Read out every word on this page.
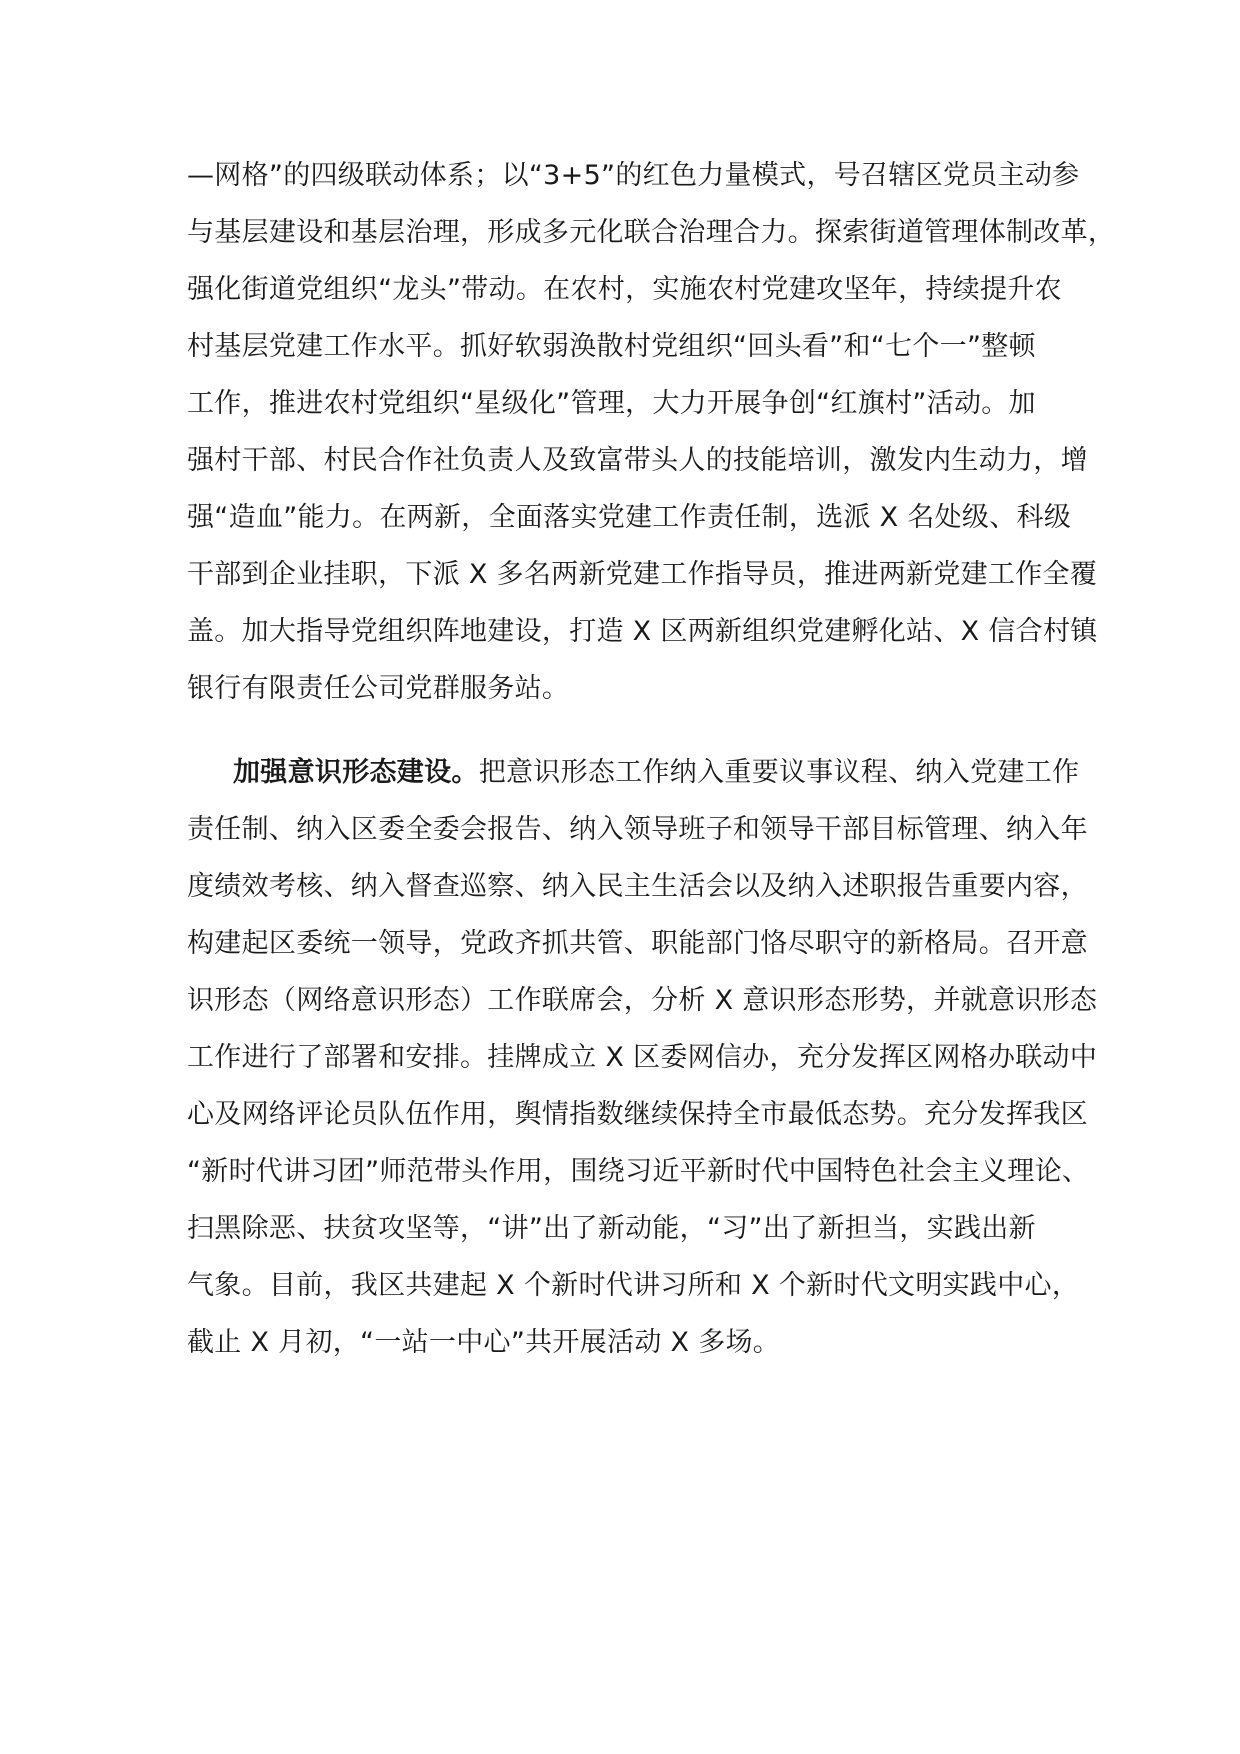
—网格”的四级联动体系；以“3+5”的红色力量模式，号召辖区党员主动参
与基层建设和基层治理，形成多元化联合治理合力。探索街道管理体制改革，
强化街道党组织“龙头”带动。在农村，实施农村党建攻坚年，持续提升农
村基层党建工作水平。抓好软弱涣散村党组织“回头看”和“七个一”整顿
工作，推进农村党组织“星级化”管理，大力开展争创“红旗村”活动。加
强村干部、村民合作社负责人及致富带头人的技能培训，激发内生动力，增
强“造血”能力。在两新，全面落实党建工作责任制，选派 X 名处级、科级
干部到企业挂职，下派 X 多名两新党建工作指导员，推进两新党建工作全覆
盖。加大指导党组织阵地建设，打造 X 区两新组织党建孵化站、X 信合村镇
银行有限责任公司党群服务站。
加强意识形态建设。把意识形态工作纳入重要议事议程、纳入党建工作
责任制、纳入区委全委会报告、纳入领导班子和领导干部目标管理、纳入年
度绩效考核、纳入督查巡察、纳入民主生活会以及纳入述职报告重要内容，
构建起区委统一领导，党政齐抓共管、职能部门恪尽职守的新格局。召开意
识形态（网络意识形态）工作联席会，分析 X 意识形态形势，并就意识形态
工作进行了部署和安排。挂牌成立 X 区委网信办，充分发挥区网格办联动中
心及网络评论员队伍作用，舆情指数继续保持全市最低态势。充分发挥我区
“新时代讲习团”师范带头作用，围绕习近平新时代中国特色社会主义理论、
扫黑除恶、扶贫攻坚等，“讲”出了新动能，“习”出了新担当，实践出新
气象。目前，我区共建起 X 个新时代讲习所和 X 个新时代文明实践中心，
截止 X 月初，“一站一中心”共开展活动 X 多场。
